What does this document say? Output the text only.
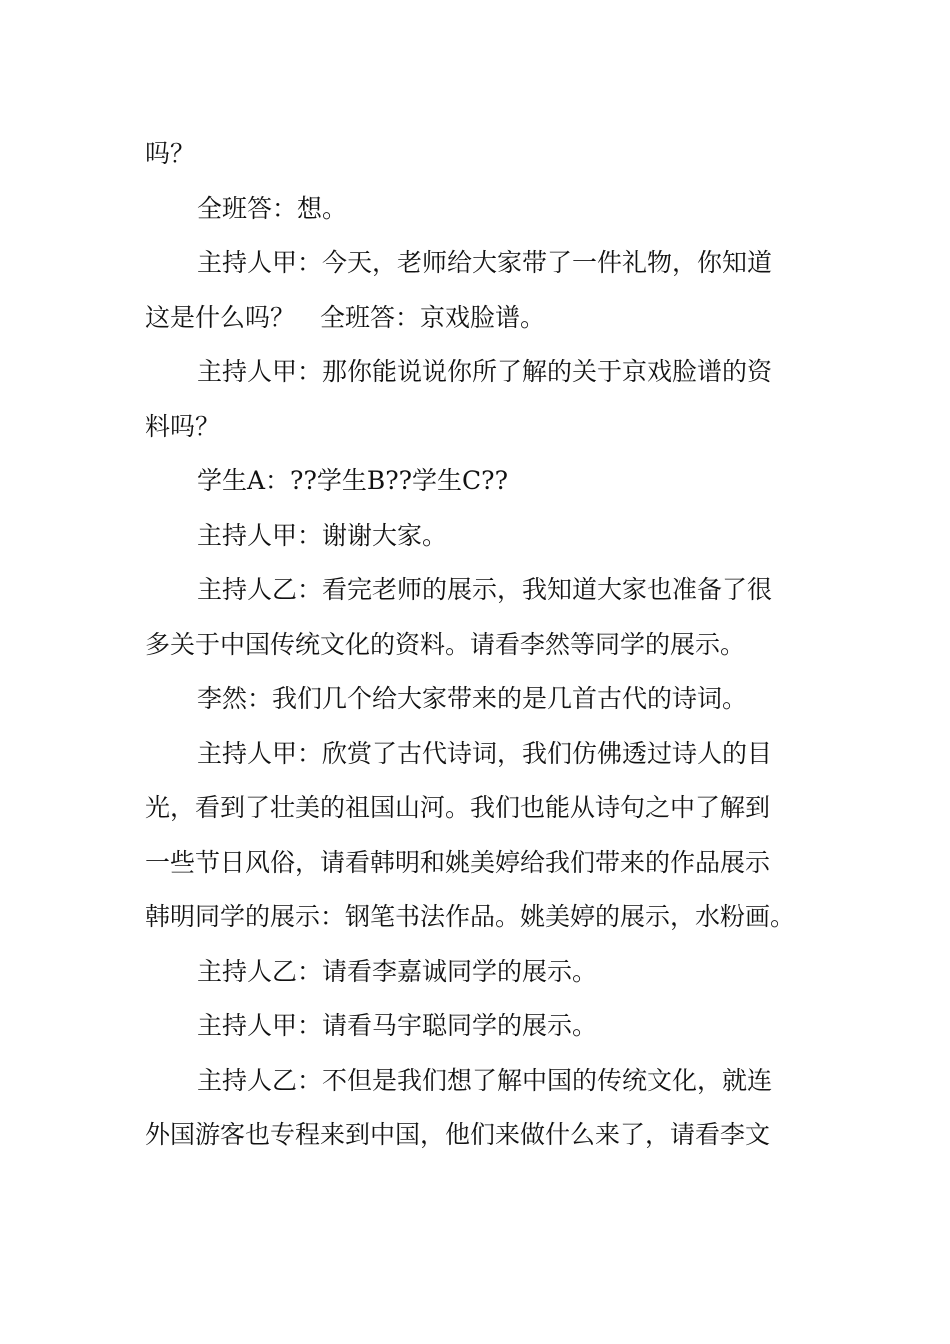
吗？
全班答：想。
主持人甲：今天，老师给大家带了一件礼物，你知道
这是什么吗？　全班答：京戏脸谱。
主持人甲：那你能说说你所了解的关于京戏脸谱的资
料吗？
学生A：??学生B??学生C??
主持人甲：谢谢大家。
主持人乙：看完老师的展示，我知道大家也准备了很
多关于中国传统文化的资料。请看李然等同学的展示。
李然：我们几个给大家带来的是几首古代的诗词。
主持人甲：欣赏了古代诗词，我们仿佛透过诗人的目
光，看到了壮美的祖国山河。我们也能从诗句之中了解到
一些节日风俗，请看韩明和姚美婷给我们带来的作品展示
韩明同学的展示：钢笔书法作品。姚美婷的展示，水粉画。
主持人乙：请看李嘉诚同学的展示。
主持人甲：请看马宇聪同学的展示。
主持人乙：不但是我们想了解中国的传统文化，就连
外国游客也专程来到中国，他们来做什么来了，请看李文
